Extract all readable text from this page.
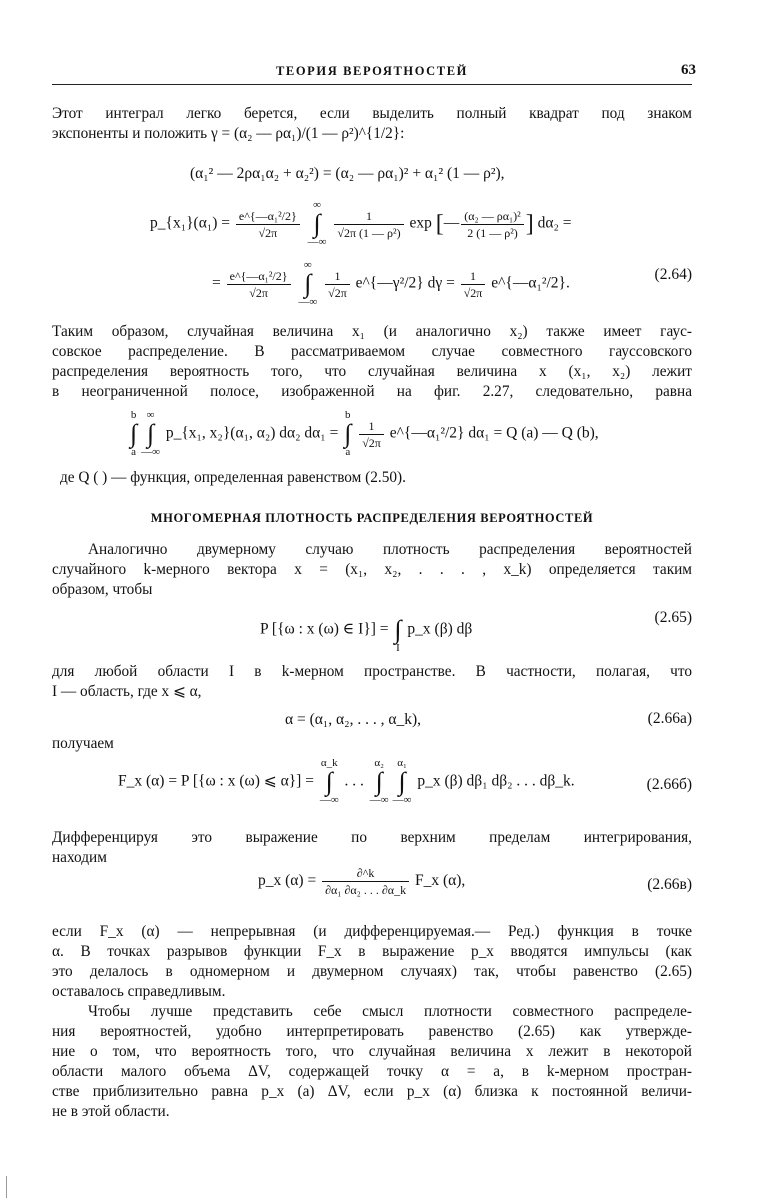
ТЕОРИЯ ВЕРОЯТНОСТЕЙ	63
Этот интеграл легко берется, если выделить полный квадрат под знаком
экспоненты и положить γ = (α₂ — ρα₁)/(1 — ρ²)^{1/2}:
(α₁² — 2ρα₁α₂ + α₂²) = (α₂ — ρα₁)² + α₁² (1 — ρ²),
p_{x₁}(α₁) = $\frac{\text{e\textasciicircum{}\{—α₁²/2\}}}{√2\pi}$
∞
∫
—∞
$\frac{1}{\text{√2π (1 — ρ²)}}$ exp [— $\frac{\text{(α₂ — ρα₁)²}}{\text{2 (1 — ρ²)}}$ ] dα₂ =
= $\frac{\text{e\textasciicircum{}\{—α₁²/2\}}}{√2\pi}$
∞
∫
—∞
$\frac{1}{√2\pi}$ e^{—γ²/2} $d\gamma = \frac{1}{√2\pi}$ e^{—α₁²/2}.
(2.64)
Таким образом, случайная величина x₁ (и аналогично x₂) также имеет гаус-
совское распределение. В рассматриваемом случае совместного гауссовского
распределения вероятность того, что случайная величина x (x₁, x₂) лежит
в неограниченной полосе, изображенной на фиг. 2.27, следовательно, равна
b
∫
a∞
∫
—∞ p_{x₁, x₂}(α₁, α₂) dα₂ dα₁ = b
∫
a
$\frac{1}{√2\pi}$ e^{—α₁²/2} dα₁ = Q (a) — Q (b),
де Q ( ) — функция, определенная равенством (2.50).
МНОГОМЕРНАЯ ПЛОТНОСТЬ РАСПРЕДЕЛЕНИЯ ВЕРОЯТНОСТЕЙ
Аналогично двумерному случаю плотность распределения вероятностей
случайного k-мерного вектора x = (x₁, x₂, . . . , x_k) определяется таким
образом, чтобы
P [{ω : x (ω) ∈ I}] = ∫
I p_x (β) dβ
(2.65)
для любой области I в k-мерном пространстве. В частности, полагая, что
I — область, где x ⩽ α,
α = (α₁, α₂, . . . , α_k),	(2.66a)
получаем
F_x (α) = P [{ω : x (ω) ⩽ α}] = α_k
∫
—∞ . . . α₂
∫
—∞α₁
∫
—∞ p_x (β) dβ₁ dβ₂ . . . dβ_k.	(2.66б)
Дифференцируя это выражение по верхним пределам интегрирования,
находим
p_x $(\alpha) = \frac{\partial\^{}k}{\text{∂α₁ ∂α₂ . . . ∂α\_k}}$ F_x (α),	(2.66в)
если F_x (α) — непрерывная (и дифференцируемая.— Ред.) функция в точке
α. В точках разрывов функции F_x в выражение p_x вводятся импульсы (как
это делалось в одномерном и двумерном случаях) так, чтобы равенство (2.65)
оставалось справедливым.
Чтобы лучше представить себе смысл плотности совместного распределе-
ния вероятностей, удобно интерпретировать равенство (2.65) как утвержде-
ние о том, что вероятность того, что случайная величина x лежит в некоторой
области малого объема ΔV, содержащей точку α = a, в k-мерном простран-
стве приблизительно равна p_x (a) ΔV, если p_x (α) близка к постоянной величи-
не в этой области.
